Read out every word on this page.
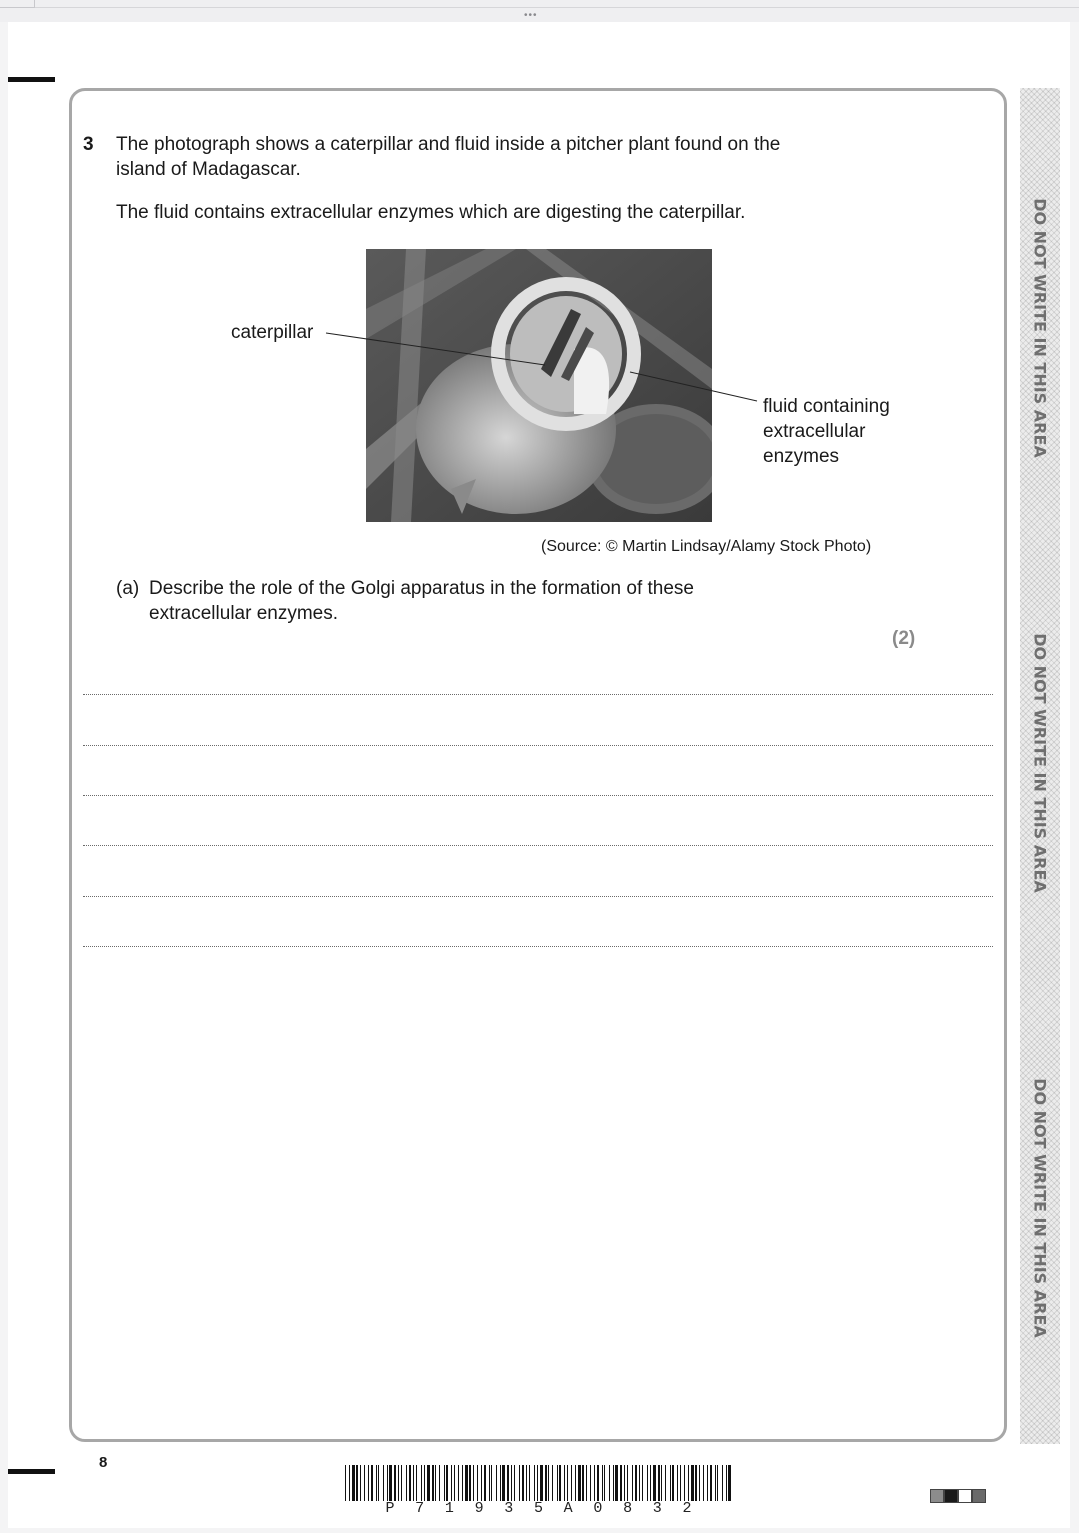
•••
DO NOT WRITE IN THIS AREA
DO NOT WRITE IN THIS AREA
DO NOT WRITE IN THIS AREA
3 The photograph shows a caterpillar and fluid inside a pitcher plant found on the
island of Madagascar.
The fluid contains extracellular enzymes which are digesting the caterpillar.
caterpillar
fluid containing
extracellular
enzymes
(Source: © Martin Lindsay/Alamy Stock Photo)
(a) Describe the role of the Golgi apparatus in the formation of these
extracellular enzymes.
(2)
8
P 7 1 9 3 5 A 0 8 3 2
